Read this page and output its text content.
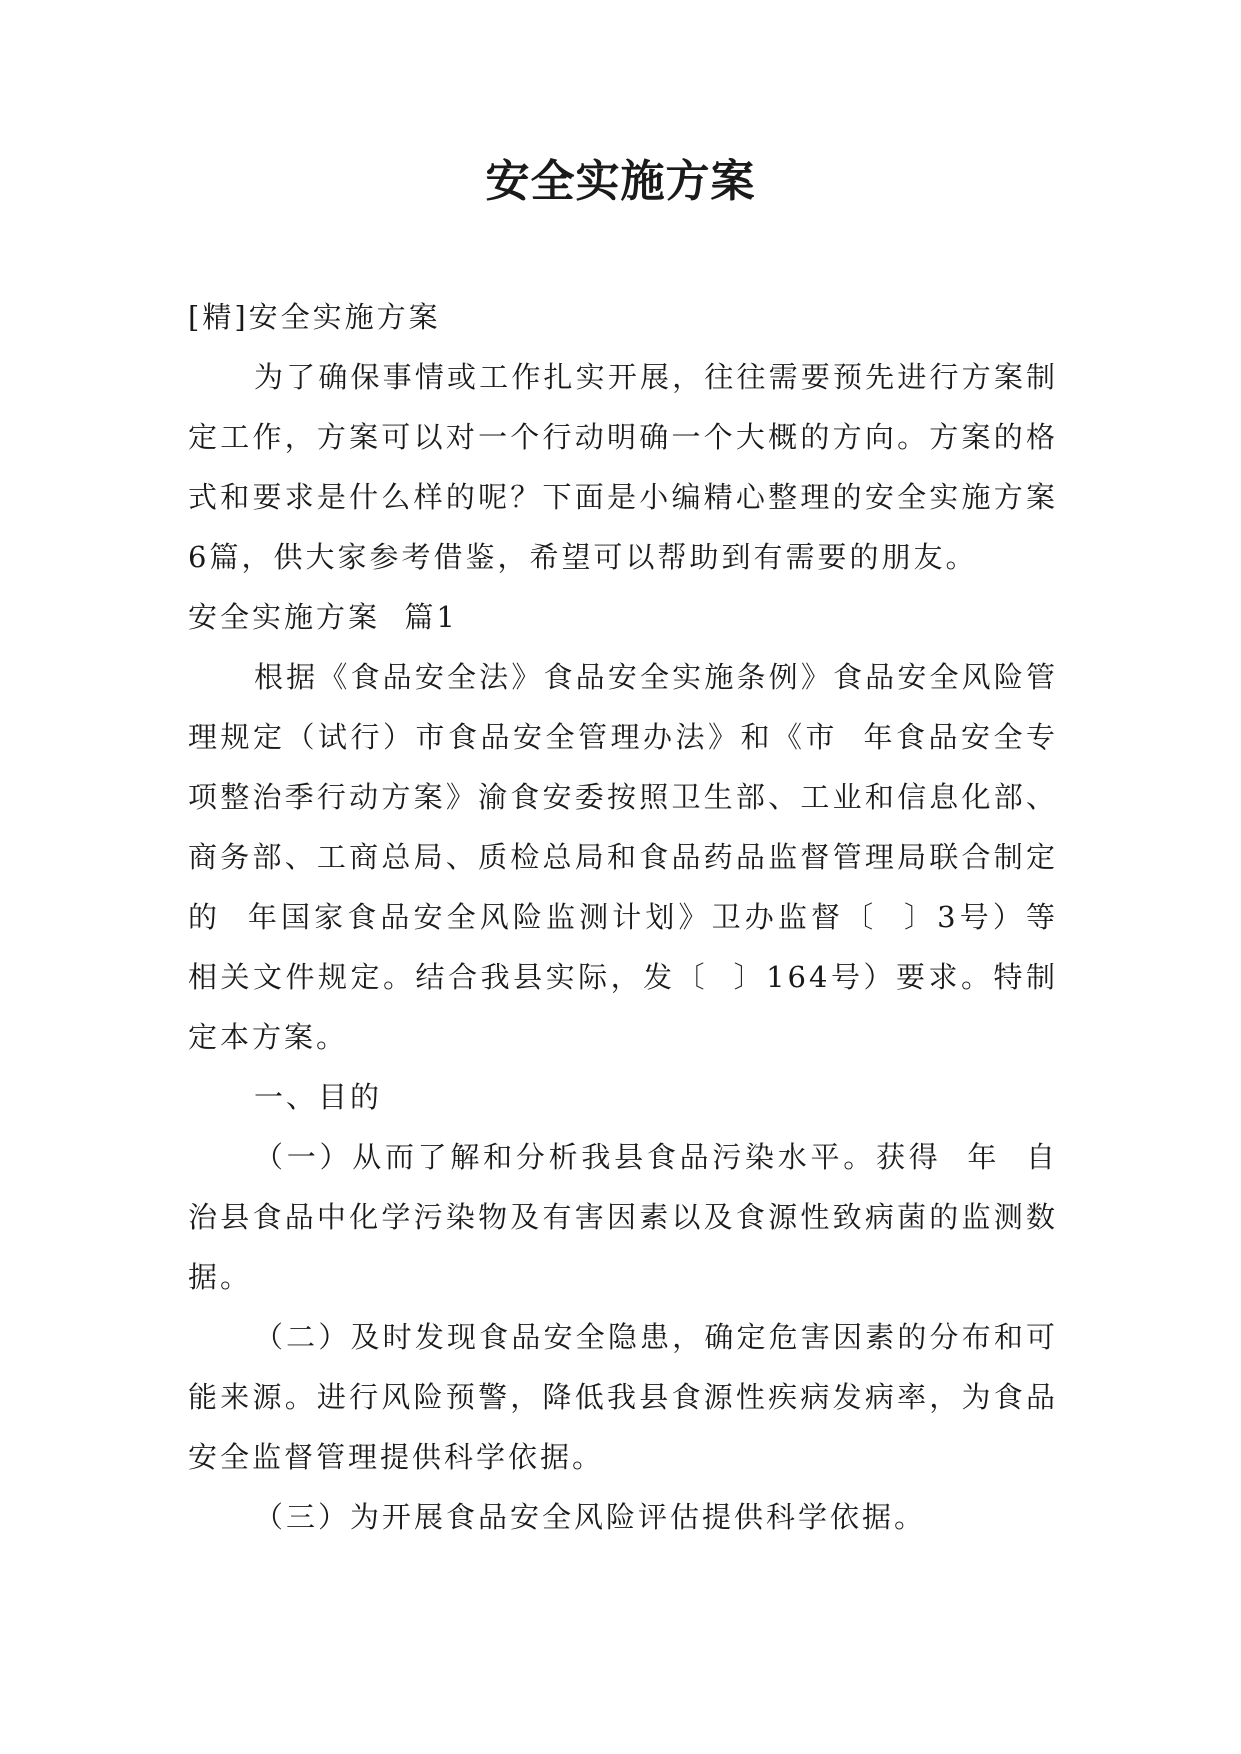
安全实施方案

[精]安全实施方案

为了确保事情或工作扎实开展，往往需要预先进行方案制定工作，方案可以对一个行动明确一个大概的方向。方案的格式和要求是什么样的呢？下面是小编精心整理的安全实施方案6篇，供大家参考借鉴，希望可以帮助到有需要的朋友。

安全实施方案  篇1

根据《食品安全法》食品安全实施条例》食品安全风险管理规定（试行）市食品安全管理办法》和《市  年食品安全专项整治季行动方案》渝食安委按照卫生部、工业和信息化部、商务部、工商总局、质检总局和食品药品监督管理局联合制定的  年国家食品安全风险监测计划》卫办监督〔  〕3号）等相关文件规定。结合我县实际，发〔  〕164号）要求。特制定本方案。

一、目的

（一）从而了解和分析我县食品污染水平。获得  年  自治县食品中化学污染物及有害因素以及食源性致病菌的监测数据。

（二）及时发现食品安全隐患，确定危害因素的分布和可能来源。进行风险预警，降低我县食源性疾病发病率，为食品安全监督管理提供科学依据。

（三）为开展食品安全风险评估提供科学依据。
